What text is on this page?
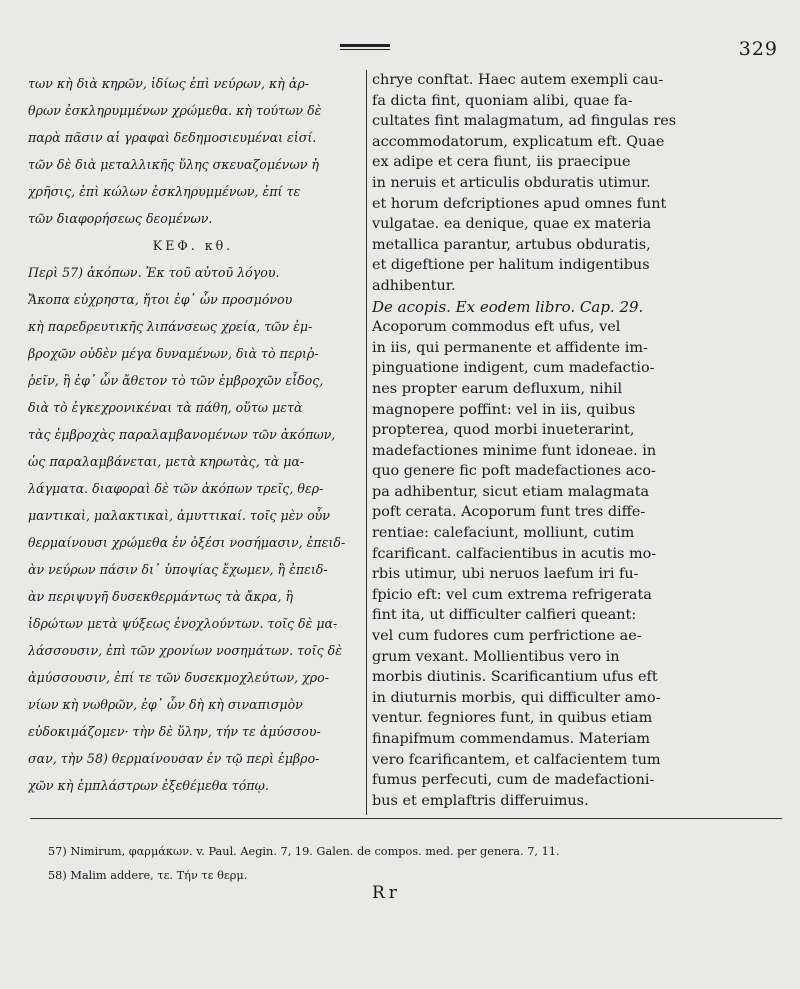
329
των κὴ διὰ κηρῶν, ἰδίως ἐπὶ νεύρων, κὴ ἀρ-
θρων ἐσκληρυμμένων χρώμεθα. κὴ τούτων δὲ
παρὰ πᾶσιν αἱ γραφαὶ δεδημοσιευμέναι εἰσί.
τῶν δὲ διὰ μεταλλικῆς ὕλης σκευαζομένων ἡ
χρῆσις, ἐπὶ κώλων ἐσκληρυμμένων, ἐπί τε
τῶν διαφορήσεως δεομένων.
ΚΕΦ. κθ.
Περὶ 57) ἀκόπων. Ἐκ τοῦ αὐτοῦ λόγου.
Ἄκοπα εὐχρηστα, ἤτοι ἐφ᾽ ὧν προσμόνου
κὴ παρεδρευτικῆς λιπάνσεως χρεία, τῶν ἐμ-
βροχῶν οὐδὲν μέγα δυναμένων, διὰ τὸ περιῤ-
ῥεῖν, ἢ ἐφ᾽ ὧν ἄθετον τὸ τῶν ἐμβροχῶν εἶδος,
διὰ τὸ ἐγκεχρονικέναι τὰ πάθη, οὕτω μετὰ
τὰς ἐμβροχὰς παραλαμβανομένων τῶν ἀκόπων,
ὡς παραλαμβάνεται, μετὰ κηρωτὰς, τὰ μα-
λάγματα. διαφοραὶ δὲ τῶν ἀκόπων τρεῖς, θερ-
μαντικαὶ, μαλακτικαὶ, ἀμυττικαί. τοῖς μὲν οὖν
θερμαίνουσι χρώμεθα ἐν ὀξέσι νοσήμασιν, ἐπειδ-
ὰν νεύρων πάσιν δι᾽ ὑποψίας ἔχωμεν, ἢ ἐπειδ-
ὰν περιψυγῆ δυσεκθερμάντως τὰ ἄκρα, ἢ
ἱδρώτων μετὰ ψύξεως ἐνοχλούντων. τοῖς δὲ μα-
λάσσουσιν, ἐπὶ τῶν χρονίων νοσημάτων. τοῖς δὲ
ἀμύσσουσιν, ἐπί τε τῶν δυσεκμοχλεύτων, χρο-
νίων κὴ νωθρῶν, ἐφ᾽ ὧν δὴ κὴ σιναπισμὸν
εὐδοκιμάζομεν· τὴν δὲ ὕλην, τήν τε ἀμύσσου-
σαν, τὴν 58) θερμαίνουσαν ἐν τῷ περὶ ἐμβρο-
χῶν κὴ ἐμπλάστρων ἐξεθέμεθα τόπῳ.
chrye conftat. Haec autem exempli cau-
fa dicta fint, quoniam alibi, quae fa-
cultates fint malagmatum, ad fingulas res
accommodatorum, explicatum eft. Quae
ex adipe et cera fiunt, iis praecipue
in neruis et articulis obduratis utimur.
et horum defcriptiones apud omnes funt
vulgatae. ea denique, quae ex materia
metallica parantur, artubus obduratis,
et digeftione per halitum indigentibus
adhibentur.
De acopis. Ex eodem libro. Cap. 29.
Acoporum commodus eft ufus, vel
in iis, qui permanente et affidente im-
pinguatione indigent, cum madefactio-
nes propter earum defluxum, nihil
magnopere poffint: vel in iis, quibus
propterea, quod morbi inueterarint,
madefactiones minime funt idoneae. in
quo genere fic poft madefactiones aco-
pa adhibentur, sicut etiam malagmata
poft cerata. Acoporum funt tres diffe-
rentiae: calefaciunt, molliunt, cutim
fcarificant. calfacientibus in acutis mo-
rbis utimur, ubi neruos laefum iri fu-
fpicio eft: vel cum extrema refrigerata
fint ita, ut difficulter calfieri queant:
vel cum fudores cum perfrictione ae-
grum vexant. Mollientibus vero in
morbis diutinis. Scarificantium ufus eft
in diuturnis morbis, qui difficulter amo-
ventur. fegniores funt, in quibus etiam
finapifmum commendamus. Materiam
vero fcarificantem, et calfacientem tum
fumus perfecuti, cum de madefactioni-
bus et emplaftris differuimus.
57) Nimirum, φαρμάκων. v. Paul. Aegin. 7, 19. Galen. de compos. med. per genera. 7, 11.
58) Malim addere, τε. Τήν τε θερμ.
Rr
